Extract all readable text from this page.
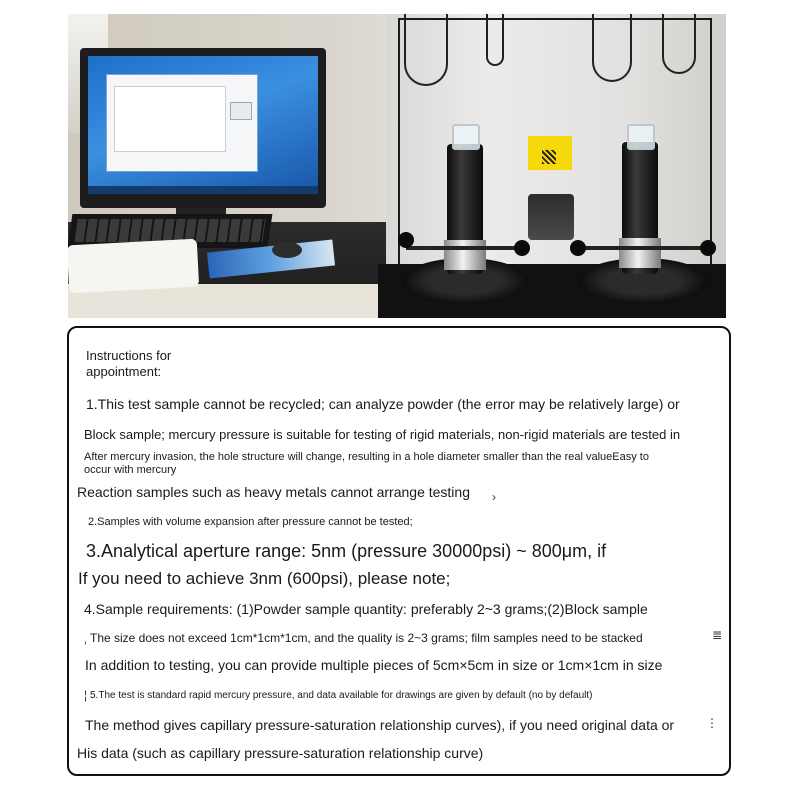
Instructions for
appointment:
1.This test sample cannot be recycled; can analyze powder (the error may be relatively large) or
Block sample; mercury pressure is suitable for testing of rigid materials, non-rigid materials are tested in
After mercury invasion, the hole structure will change, resulting in a hole diameter smaller than the real valueEasy to
occur with mercury
Reaction samples such as heavy metals cannot arrange testing ›
2.Samples with volume expansion after pressure cannot be tested;
3.Analytical aperture range: 5nm (pressure 30000psi) ~ 800μm, if
If you need to achieve 3nm (600psi), please note;
4.Sample requirements: (1)Powder sample quantity: preferably 2~3 grams;(2)Block sample
‚ The size does not exceed 1cm*1cm*1cm, and the quality is 2~3 grams; film samples need to be stacked	≣
In addition to testing, you can provide multiple pieces of 5cm×5cm in size or 1cm×1cm in size
¦ 5.The test is standard rapid mercury pressure, and data available for drawings are given by default (no by default)
The method gives capillary pressure-saturation relationship curves), if you need original data or	⋮
His data (such as capillary pressure-saturation relationship curve)
